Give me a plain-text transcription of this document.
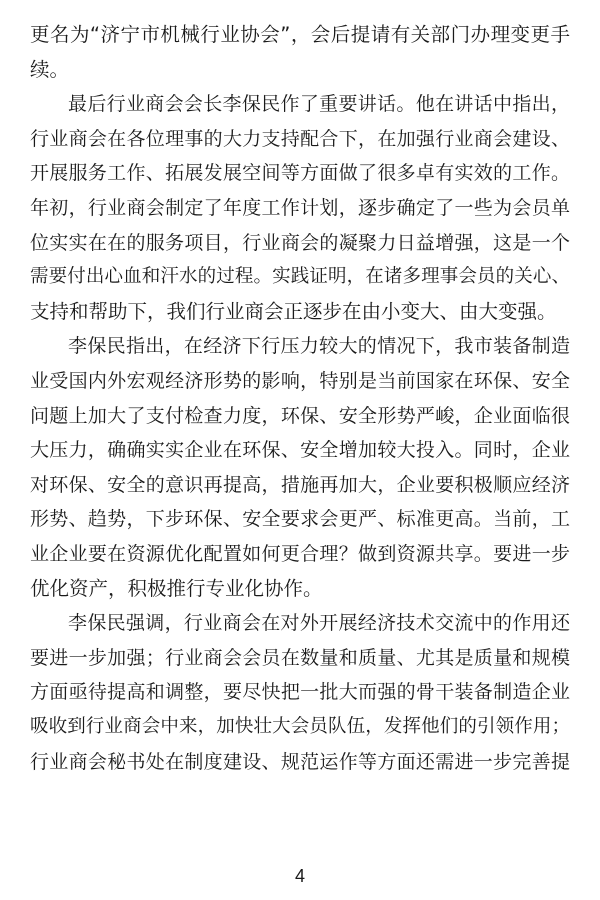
更名为“济宁市机械行业协会”，会后提请有关部门办理变更手
续。
最后行业商会会长李保民作了重要讲话。他在讲话中指出，
行业商会在各位理事的大力支持配合下，在加强行业商会建设、
开展服务工作、拓展发展空间等方面做了很多卓有实效的工作。
年初，行业商会制定了年度工作计划，逐步确定了一些为会员单
位实实在在的服务项目，行业商会的凝聚力日益增强，这是一个
需要付出心血和汗水的过程。实践证明，在诸多理事会员的关心、
支持和帮助下，我们行业商会正逐步在由小变大、由大变强。
李保民指出，在经济下行压力较大的情况下，我市装备制造
业受国内外宏观经济形势的影响，特别是当前国家在环保、安全
问题上加大了支付检查力度，环保、安全形势严峻，企业面临很
大压力，确确实实企业在环保、安全增加较大投入。同时，企业
对环保、安全的意识再提高，措施再加大，企业要积极顺应经济
形势、趋势，下步环保、安全要求会更严、标准更高。当前，工
业企业要在资源优化配置如何更合理？做到资源共享。要进一步
优化资产，积极推行专业化协作。
李保民强调，行业商会在对外开展经济技术交流中的作用还
要进一步加强；行业商会会员在数量和质量、尤其是质量和规模
方面亟待提高和调整，要尽快把一批大而强的骨干装备制造企业
吸收到行业商会中来，加快壮大会员队伍，发挥他们的引领作用；
行业商会秘书处在制度建设、规范运作等方面还需进一步完善提
4
